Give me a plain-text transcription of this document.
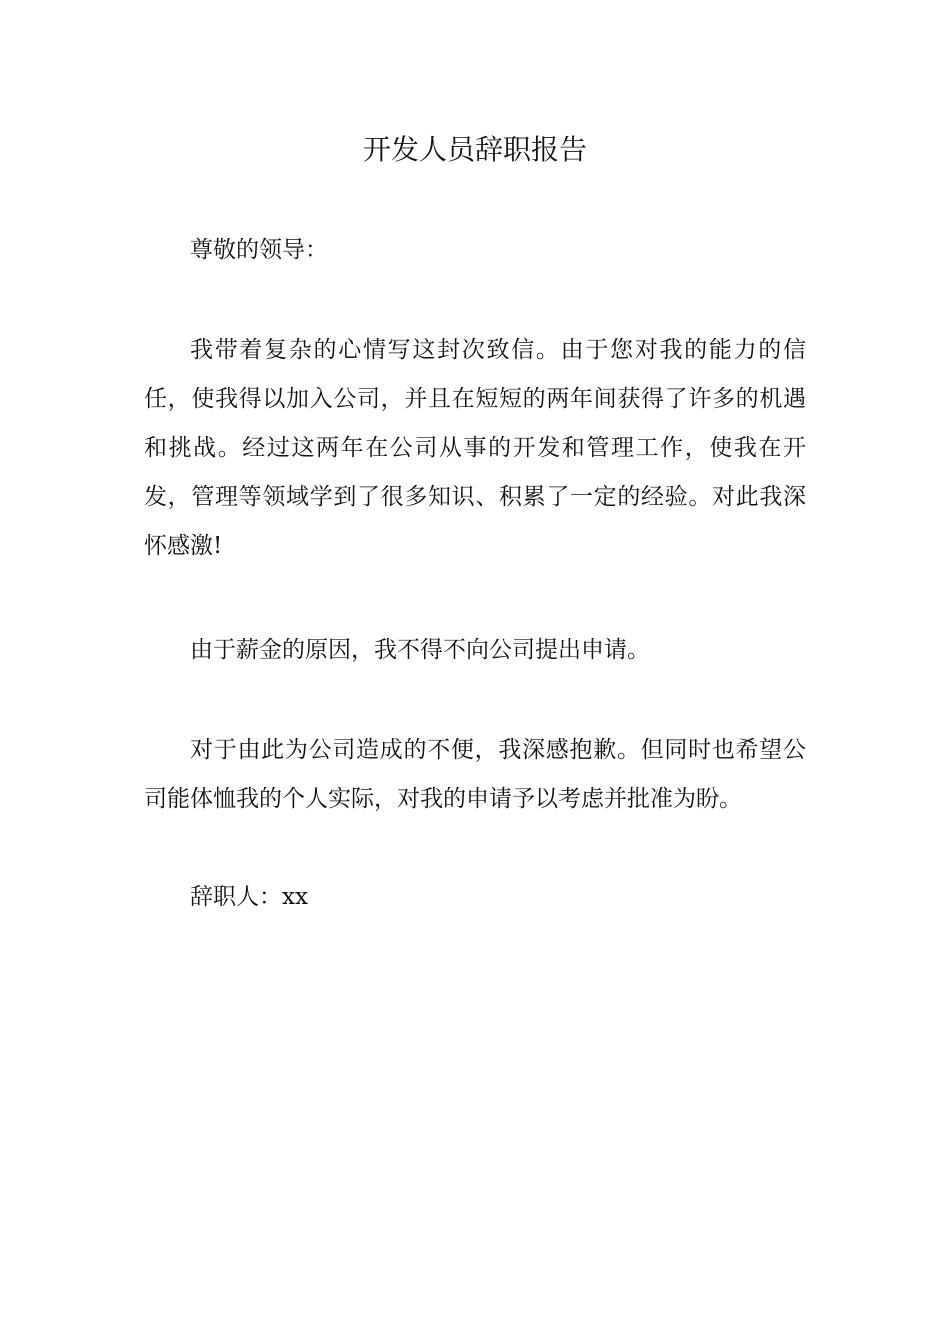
开发人员辞职报告

尊敬的领导：

我带着复杂的心情写这封次致信。由于您对我的能力的信任，使我得以加入公司，并且在短短的两年间获得了许多的机遇和挑战。经过这两年在公司从事的开发和管理工作，使我在开发，管理等领域学到了很多知识、积累了一定的经验。对此我深怀感激!

由于薪金的原因，我不得不向公司提出申请。

对于由此为公司造成的不便，我深感抱歉。但同时也希望公司能体恤我的个人实际，对我的申请予以考虑并批准为盼。

辞职人：xx
